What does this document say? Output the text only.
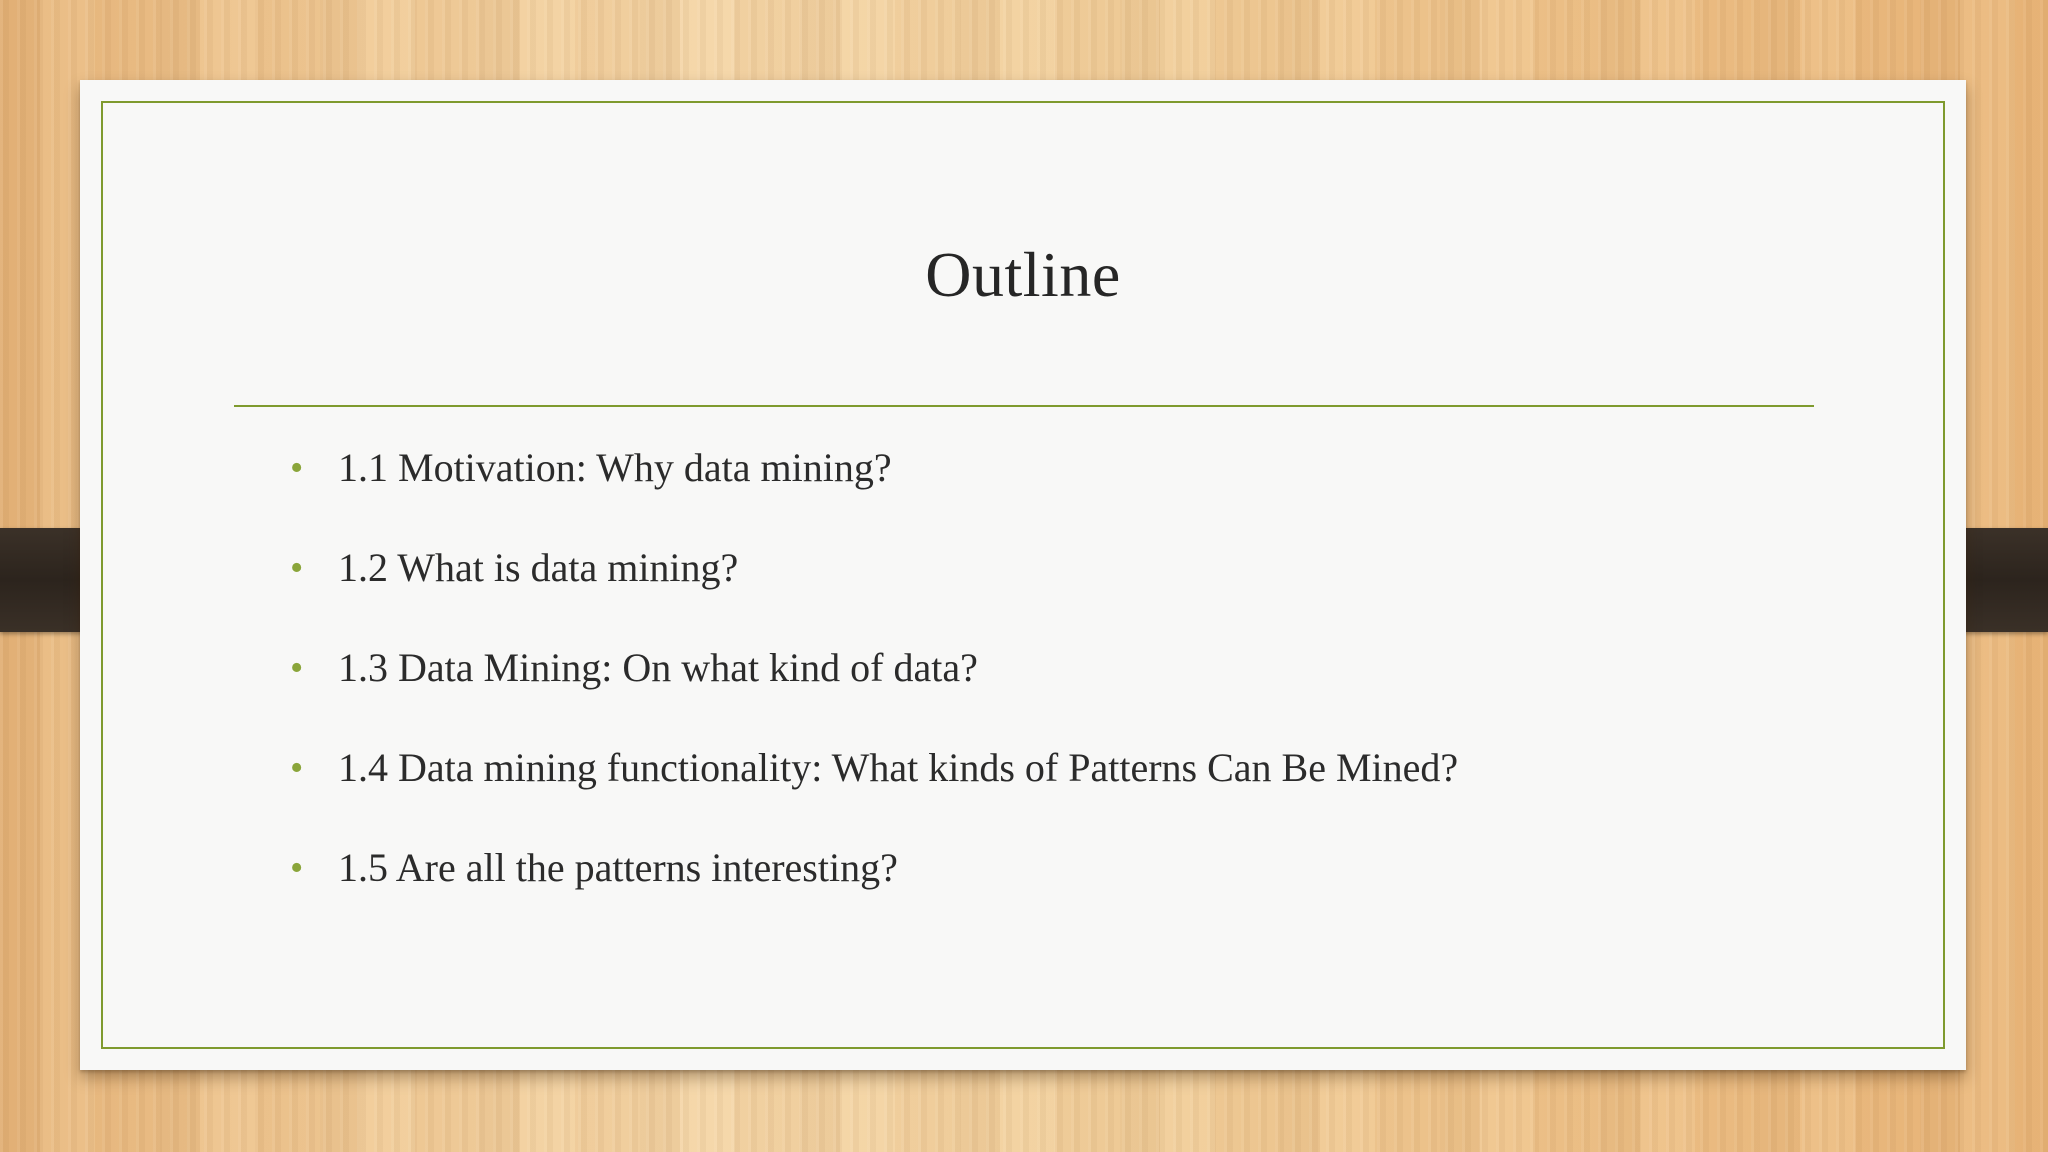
Outline
• 1.1 Motivation: Why data mining?
• 1.2 What is data mining?
• 1.3 Data Mining: On what kind of data?
• 1.4 Data mining functionality: What kinds of Patterns Can Be Mined?
• 1.5 Are all the patterns interesting?
